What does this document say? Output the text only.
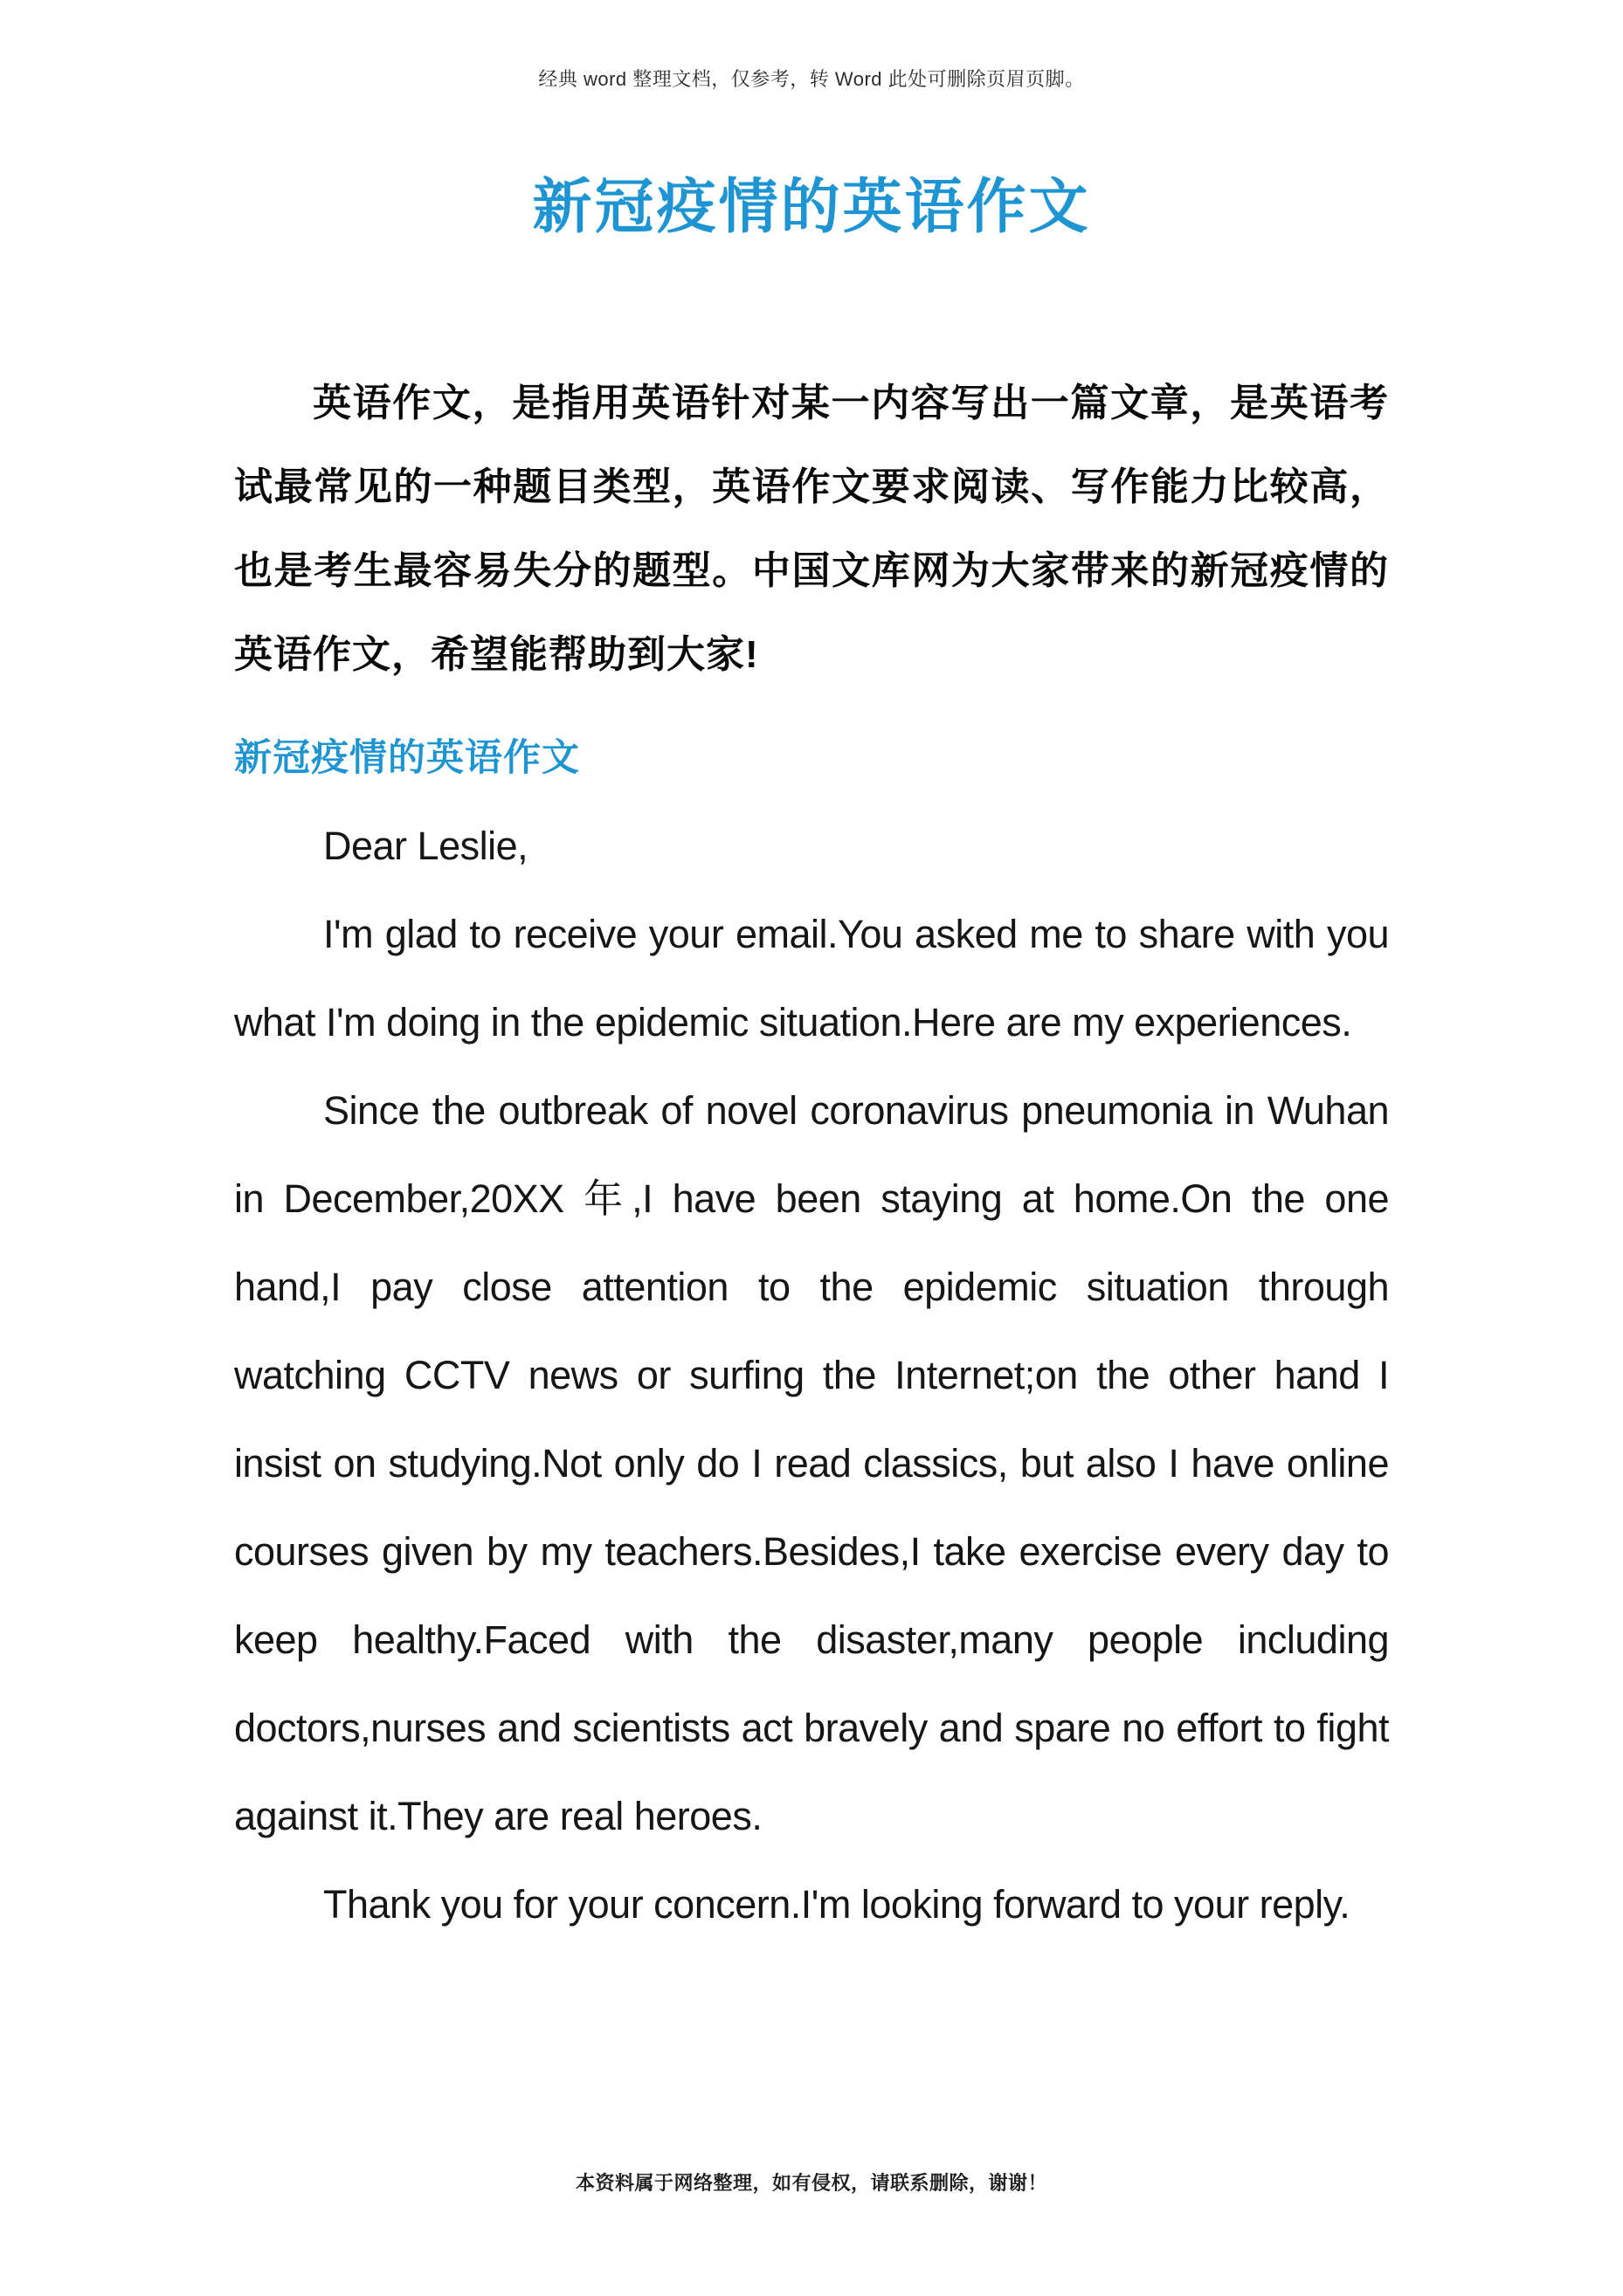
经典 word 整理文档，仅参考，转 Word 此处可删除页眉页脚。
新冠疫情的英语作文

英语作文，是指用英语针对某一内容写出一篇文章，是英语考试最常见的一种题目类型，英语作文要求阅读、写作能力比较高，也是考生最容易失分的题型。中国文库网为大家带来的新冠疫情的英语作文，希望能帮助到大家!

新冠疫情的英语作文

Dear Leslie,

I'm glad to receive your email.You asked me to share with you what I'm doing in the epidemic situation.Here are my experiences.

Since the outbreak of novel coronavirus pneumonia in Wuhan in December,20XX 年,I have been staying at home.On the one hand,I pay close attention to the epidemic situation through watching CCTV news or surfing the Internet;on the other hand I insist on studying.Not only do I read classics, but also I have online courses given by my teachers.Besides,I take exercise every day to keep healthy.Faced with the disaster,many people including doctors,nurses and scientists act bravely and spare no effort to fight against it.They are real heroes.

Thank you for your concern.I'm looking forward to your reply.

本资料属于网络整理，如有侵权，请联系删除，谢谢！
